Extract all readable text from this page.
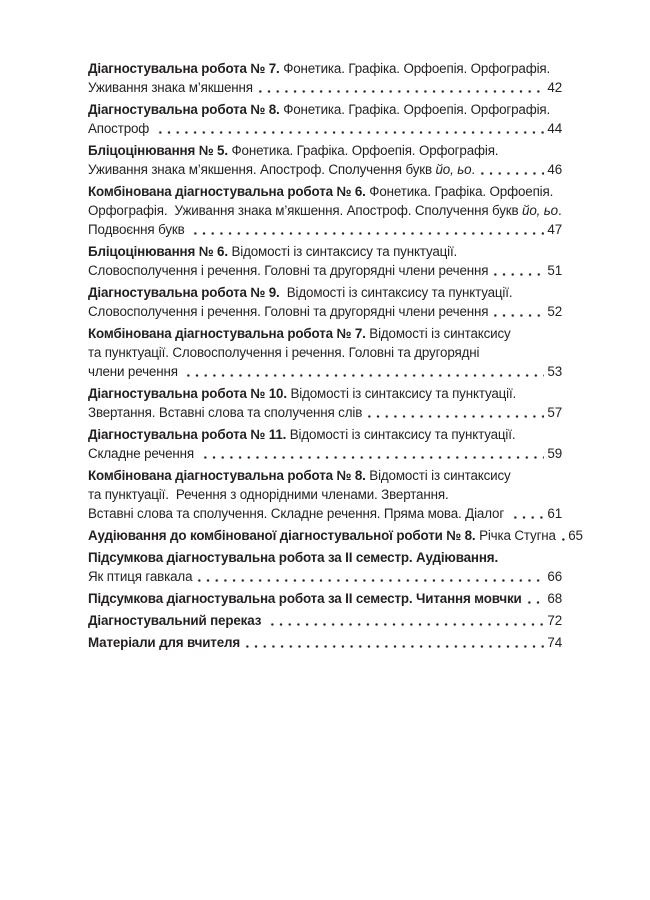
Діагностувальна робота № 7. Фонетика. Графіка. Орфоепія. Орфографія.
Уживання знака м’якшення	42
Діагностувальна робота № 8. Фонетика. Графіка. Орфоепія. Орфографія.
Апостроф	44
Бліцоцінювання № 5. Фонетика. Графіка. Орфоепія. Орфографія.
Уживання знака м’якшення. Апостроф. Сполучення букв йо, ьо.	46
Комбінована діагностувальна робота № 6. Фонетика. Графіка. Орфоепія.
Орфографія.  Уживання знака м’якшення. Апостроф. Сполучення букв йо, ьо.
Подвоєння букв	47
Бліцоцінювання № 6. Відомості із синтаксису та пунктуації.
Словосполучення і речення. Головні та другорядні члени речення	51
Діагностувальна робота № 9.  Відомості із синтаксису та пунктуації.
Словосполучення і речення. Головні та другорядні члени речення	52
Комбінована діагностувальна робота № 7. Відомості із синтаксису
та пунктуації. Словосполучення і речення. Головні та другорядні
члени речення	53
Діагностувальна робота № 10. Відомості із синтаксису та пунктуації.
Звертання. Вставні слова та сполучення слів	57
Діагностувальна робота № 11. Відомості із синтаксису та пунктуації.
Складне речення	59
Комбінована діагностувальна робота № 8. Відомості із синтаксису
та пунктуації.  Речення з однорідними членами. Звертання.
Вставні слова та сполучення. Складне речення. Пряма мова. Діалог	61
Аудіювання до комбінованої діагностувальної роботи № 8. Річка Стугна 65
Підсумкова діагностувальна робота за II семестр. Аудіювання.
Як птиця гавкала	66
Підсумкова діагностувальна робота за II семестр. Читання мовчки 68
Діагностувальний переказ	72
Матеріали для вчителя	74
